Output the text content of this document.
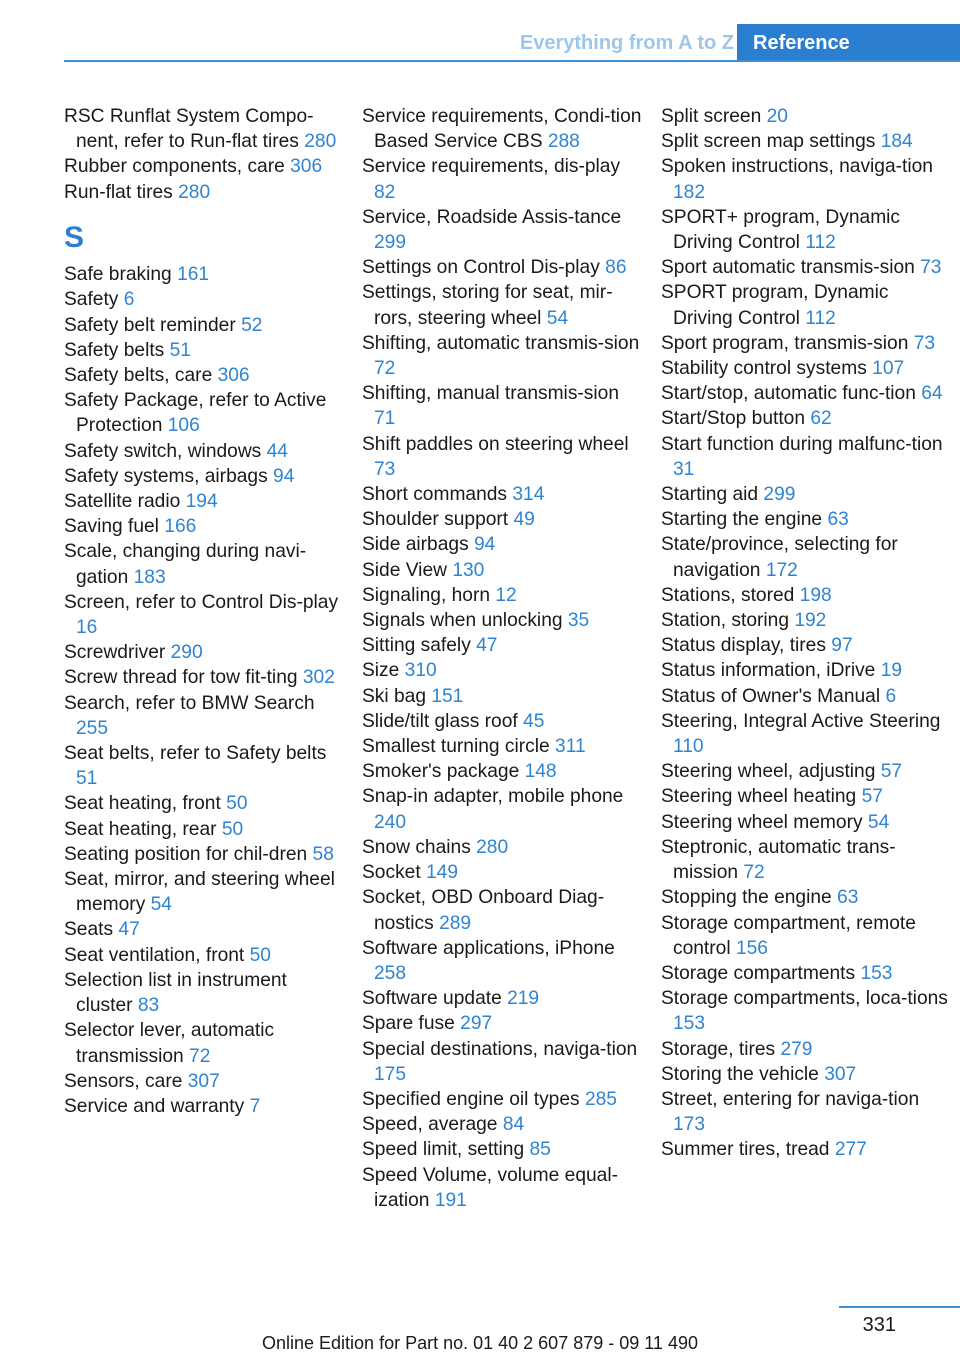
Everything from A to Z Reference
RSC Runflat System Compo-nent, refer to Run-flat tires 280
Rubber components, care 306
Run-flat tires 280
S
Safe braking 161
Safety 6
Safety belt reminder 52
Safety belts 51
Safety belts, care 306
Safety Package, refer to Active Protection 106
Safety switch, windows 44
Safety systems, airbags 94
Satellite radio 194
Saving fuel 166
Scale, changing during navi-gation 183
Screen, refer to Control Dis-play 16
Screwdriver 290
Screw thread for tow fit-ting 302
Search, refer to BMW Search 255
Seat belts, refer to Safety belts 51
Seat heating, front 50
Seat heating, rear 50
Seating position for chil-dren 58
Seat, mirror, and steering wheel memory 54
Seats 47
Seat ventilation, front 50
Selection list in instrument cluster 83
Selector lever, automatic transmission 72
Sensors, care 307
Service and warranty 7
Service requirements, Condi-tion Based Service CBS 288
Service requirements, dis-play 82
Service, Roadside Assis-tance 299
Settings on Control Dis-play 86
Settings, storing for seat, mir-rors, steering wheel 54
Shifting, automatic transmis-sion 72
Shifting, manual transmis-sion 71
Shift paddles on steering wheel 73
Short commands 314
Shoulder support 49
Side airbags 94
Side View 130
Signaling, horn 12
Signals when unlocking 35
Sitting safely 47
Size 310
Ski bag 151
Slide/tilt glass roof 45
Smallest turning circle 311
Smoker's package 148
Snap-in adapter, mobile phone 240
Snow chains 280
Socket 149
Socket, OBD Onboard Diag-nostics 289
Software applications, iPhone 258
Software update 219
Spare fuse 297
Special destinations, naviga-tion 175
Specified engine oil types 285
Speed, average 84
Speed limit, setting 85
Speed Volume, volume equal-ization 191
Split screen 20
Split screen map settings 184
Spoken instructions, naviga-tion 182
SPORT+ program, Dynamic Driving Control 112
Sport automatic transmis-sion 73
SPORT program, Dynamic Driving Control 112
Sport program, transmis-sion 73
Stability control systems 107
Start/stop, automatic func-tion 64
Start/Stop button 62
Start function during malfunc-tion 31
Starting aid 299
Starting the engine 63
State/province, selecting for navigation 172
Stations, stored 198
Station, storing 192
Status display, tires 97
Status information, iDrive 19
Status of Owner's Manual 6
Steering, Integral Active Steering 110
Steering wheel, adjusting 57
Steering wheel heating 57
Steering wheel memory 54
Steptronic, automatic trans-mission 72
Stopping the engine 63
Storage compartment, remote control 156
Storage compartments 153
Storage compartments, loca-tions 153
Storage, tires 279
Storing the vehicle 307
Street, entering for naviga-tion 173
Summer tires, tread 277
331
Online Edition for Part no. 01 40 2 607 879 - 09 11 490
